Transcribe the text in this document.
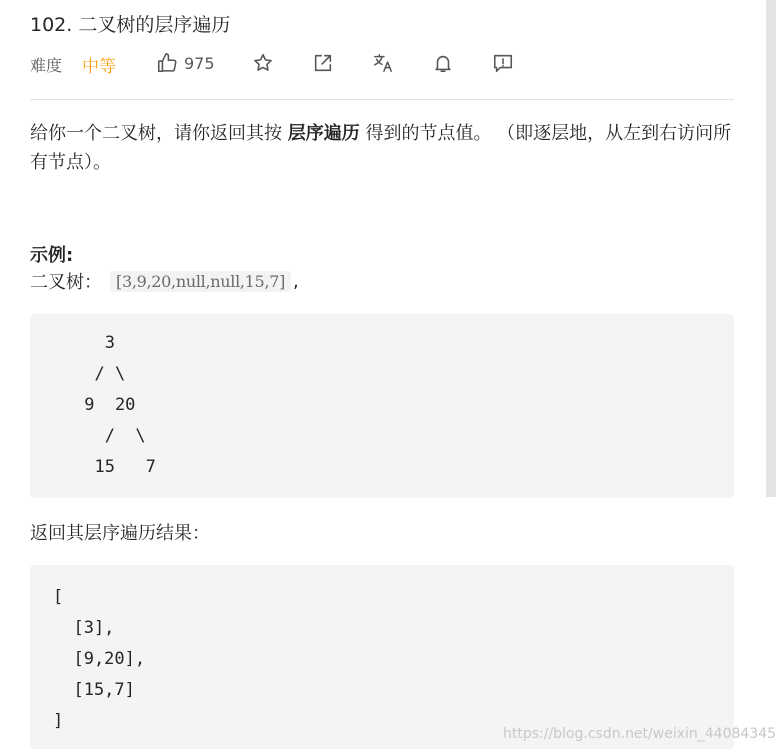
102. 二叉树的层序遍历
难度 中等	975
给你一个二叉树，请你返回其按 层序遍历 得到的节点值。 （即逐层地，从左到右访问所有节点）。
示例:
二叉树： [3,9,20,null,null,15,7] ,
3
/ \
9  20
/  \
15   7
返回其层序遍历结果：
[
[3],
[9,20],
[15,7]
]
https://blog.csdn.net/weixin_44084345
